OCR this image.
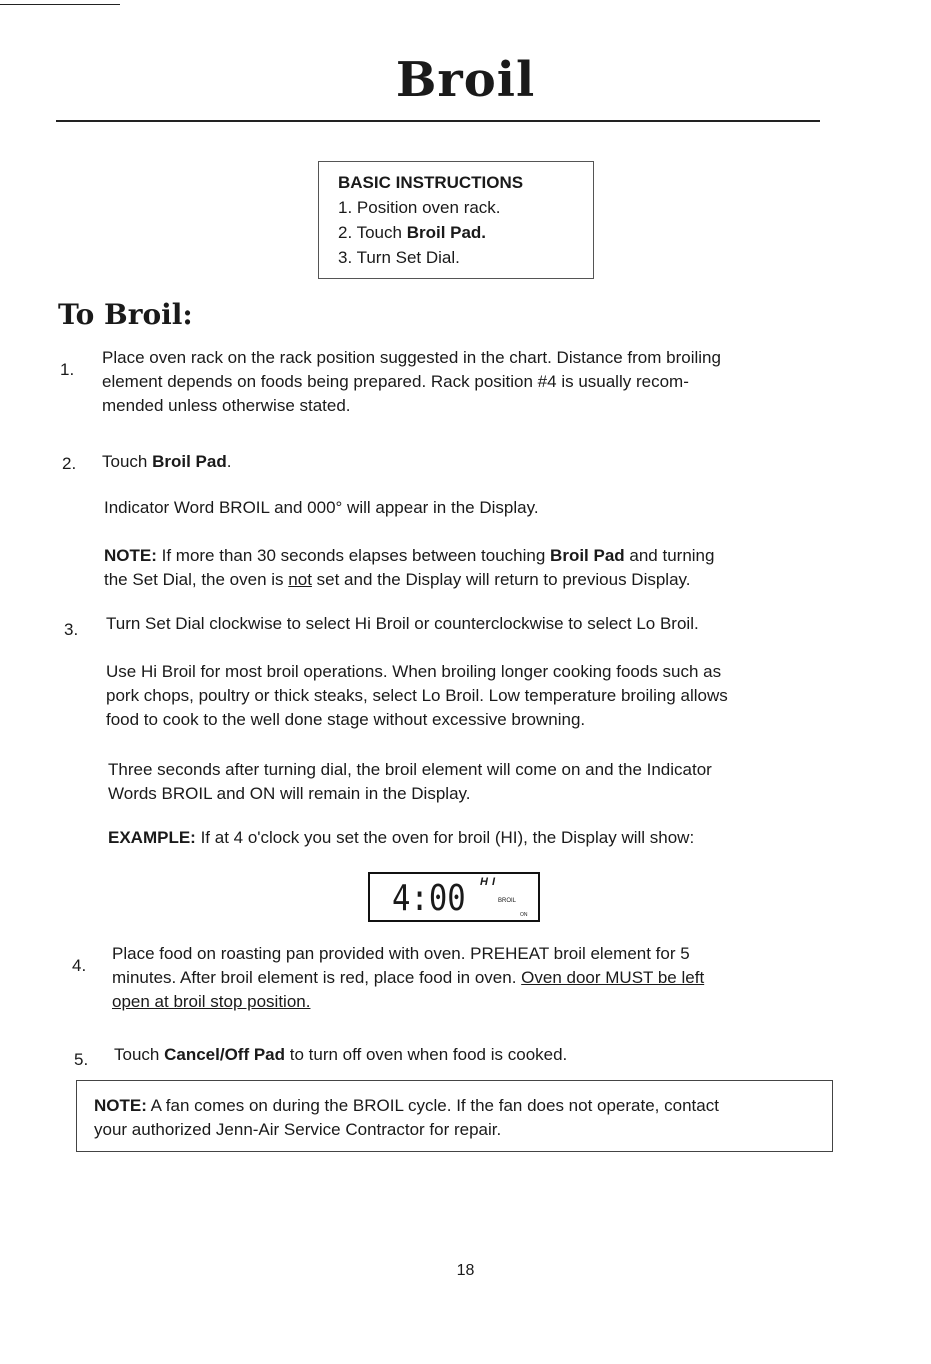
Broil
BASIC INSTRUCTIONS
1. Position oven rack.
2. Touch Broil Pad.
3. Turn Set Dial.
To Broil:
1.
Place oven rack on the rack position suggested in the chart. Distance from broiling
element depends on foods being prepared. Rack position #4 is usually recom-
mended unless otherwise stated.
2. Touch Broil Pad.
Indicator Word BROIL and 000° will appear in the Display.
NOTE: If more than 30 seconds elapses between touching Broil Pad and turning
the Set Dial, the oven is not set and the Display will return to previous Display.
3. Turn Set Dial clockwise to select Hi Broil or counterclockwise to select Lo Broil.
Use Hi Broil for most broil operations. When broiling longer cooking foods such as
pork chops, poultry or thick steaks, select Lo Broil. Low temperature broiling allows
food to cook to the well done stage without excessive browning.
Three seconds after turning dial, the broil element will come on and the Indicator
Words BROIL and ON will remain in the Display.
EXAMPLE: If at 4 o'clock you set the oven for broil (HI), the Display will show:
4:00 HI
BROIL
ON
4.
Place food on roasting pan provided with oven. PREHEAT broil element for 5
minutes. After broil element is red, place food in oven. Oven door MUST be left
open at broil stop position.
5. Touch Cancel/Off Pad to turn off oven when food is cooked.
NOTE: A fan comes on during the BROIL cycle. If the fan does not operate, contact
your authorized Jenn-Air Service Contractor for repair.
18
